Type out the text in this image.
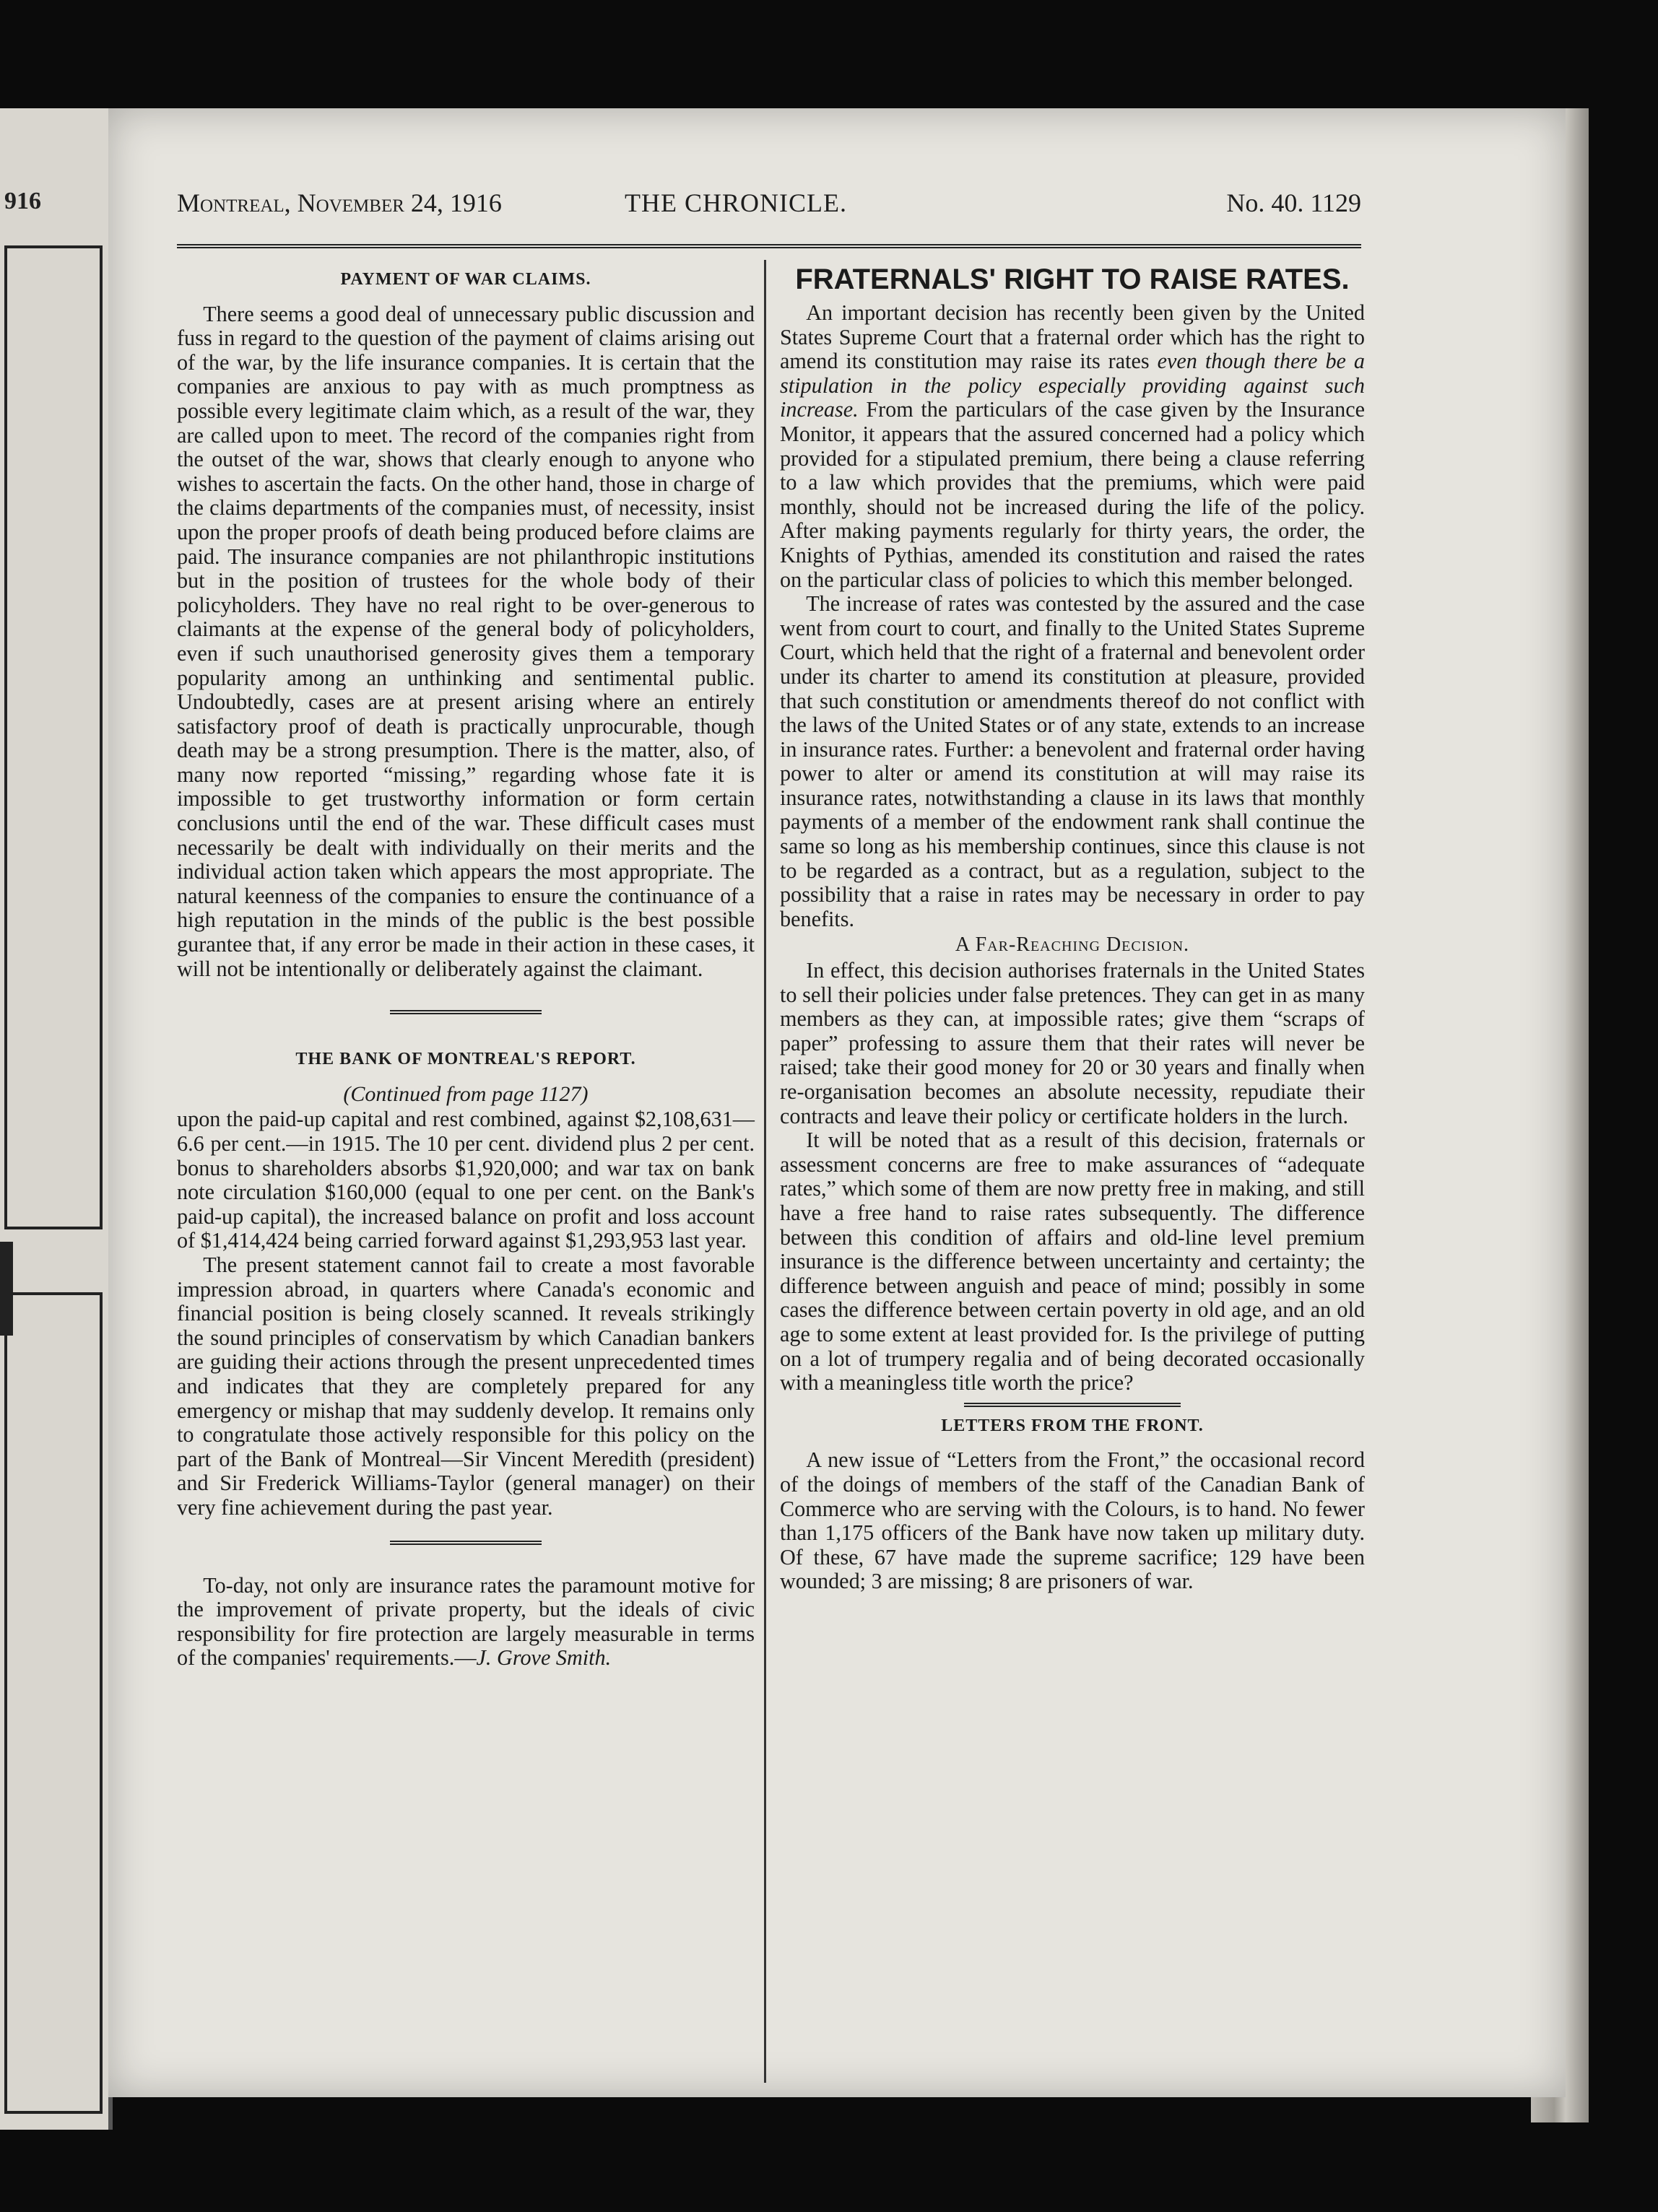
916	Montreal, November 24, 1916	THE CHRONICLE.	No. 40. 1129
PAYMENT OF WAR CLAIMS.

There seems a good deal of unnecessary public discussion and fuss in regard to the question of the payment of claims arising out of the war, by the life insurance companies. It is certain that the companies are anxious to pay with as much promptness as possible every legitimate claim which, as a result of the war, they are called upon to meet. The record of the companies right from the outset of the war, shows that clearly enough to anyone who wishes to ascertain the facts. On the other hand, those in charge of the claims departments of the companies must, of necessity, insist upon the proper proofs of death being produced before claims are paid. The insurance companies are not philanthropic institutions but in the position of trustees for the whole body of their policyholders. They have no real right to be over-generous to claimants at the expense of the general body of policyholders, even if such unauthorised generosity gives them a temporary popularity among an unthinking and sentimental public. Undoubtedly, cases are at present arising where an entirely satisfactory proof of death is practically unprocurable, though death may be a strong presumption. There is the matter, also, of many now reported “missing,” regarding whose fate it is impossible to get trustworthy information or form certain conclusions until the end of the war. These difficult cases must necessarily be dealt with individually on their merits and the individual action taken which appears the most appropriate. The natural keenness of the companies to ensure the continuance of a high reputation in the minds of the public is the best possible gurantee that, if any error be made in their action in these cases, it will not be intentionally or deliberately against the claimant.

THE BANK OF MONTREAL'S REPORT.
(Continued from page 1127)

upon the paid-up capital and rest combined, against $2,108,631—6.6 per cent.—in 1915. The 10 per cent. dividend plus 2 per cent. bonus to shareholders absorbs $1,920,000; and war tax on bank note circulation $160,000 (equal to one per cent. on the Bank's paid-up capital), the increased balance on profit and loss account of $1,414,424 being carried forward against $1,293,953 last year.

The present statement cannot fail to create a most favorable impression abroad, in quarters where Canada's economic and financial position is being closely scanned. It reveals strikingly the sound principles of conservatism by which Canadian bankers are guiding their actions through the present unprecedented times and indicates that they are completely prepared for any emergency or mishap that may suddenly develop. It remains only to congratulate those actively responsible for this policy on the part of the Bank of Montreal—Sir Vincent Meredith (president) and Sir Frederick Williams-Taylor (general manager) on their very fine achievement during the past year.

To-day, not only are insurance rates the paramount motive for the improvement of private property, but the ideals of civic responsibility for fire protection are largely measurable in terms of the companies' requirements.—J. Grove Smith.

FRATERNALS' RIGHT TO RAISE RATES.

An important decision has recently been given by the United States Supreme Court that a fraternal order which has the right to amend its constitution may raise its rates even though there be a stipulation in the policy especially providing against such increase. From the particulars of the case given by the Insurance Monitor, it appears that the assured concerned had a policy which provided for a stipulated premium, there being a clause referring to a law which provides that the premiums, which were paid monthly, should not be increased during the life of the policy. After making payments regularly for thirty years, the order, the Knights of Pythias, amended its constitution and raised the rates on the particular class of policies to which this member belonged.

The increase of rates was contested by the assured and the case went from court to court, and finally to the United States Supreme Court, which held that the right of a fraternal and benevolent order under its charter to amend its constitution at pleasure, provided that such constitution or amendments thereof do not conflict with the laws of the United States or of any state, extends to an increase in insurance rates. Further: a benevolent and fraternal order having power to alter or amend its constitution at will may raise its insurance rates, notwithstanding a clause in its laws that monthly payments of a member of the endowment rank shall continue the same so long as his membership continues, since this clause is not to be regarded as a contract, but as a regulation, subject to the possibility that a raise in rates may be necessary in order to pay benefits.

A Far-Reaching Decision.

In effect, this decision authorises fraternals in the United States to sell their policies under false pretences. They can get in as many members as they can, at impossible rates; give them “scraps of paper” professing to assure them that their rates will never be raised; take their good money for 20 or 30 years and finally when re-organisation becomes an absolute necessity, repudiate their contracts and leave their policy or certificate holders in the lurch.

It will be noted that as a result of this decision, fraternals or assessment concerns are free to make assurances of “adequate rates,” which some of them are now pretty free in making, and still have a free hand to raise rates subsequently. The difference between this condition of affairs and old-line level premium insurance is the difference between uncertainty and certainty; the difference between anguish and peace of mind; possibly in some cases the difference between certain poverty in old age, and an old age to some extent at least provided for. Is the privilege of putting on a lot of trumpery regalia and of being decorated occasionally with a meaningless title worth the price?

LETTERS FROM THE FRONT.

A new issue of “Letters from the Front,” the occasional record of the doings of members of the staff of the Canadian Bank of Commerce who are serving with the Colours, is to hand. No fewer than 1,175 officers of the Bank have now taken up military duty. Of these, 67 have made the supreme sacrifice; 129 have been wounded; 3 are missing; 8 are prisoners of war.
